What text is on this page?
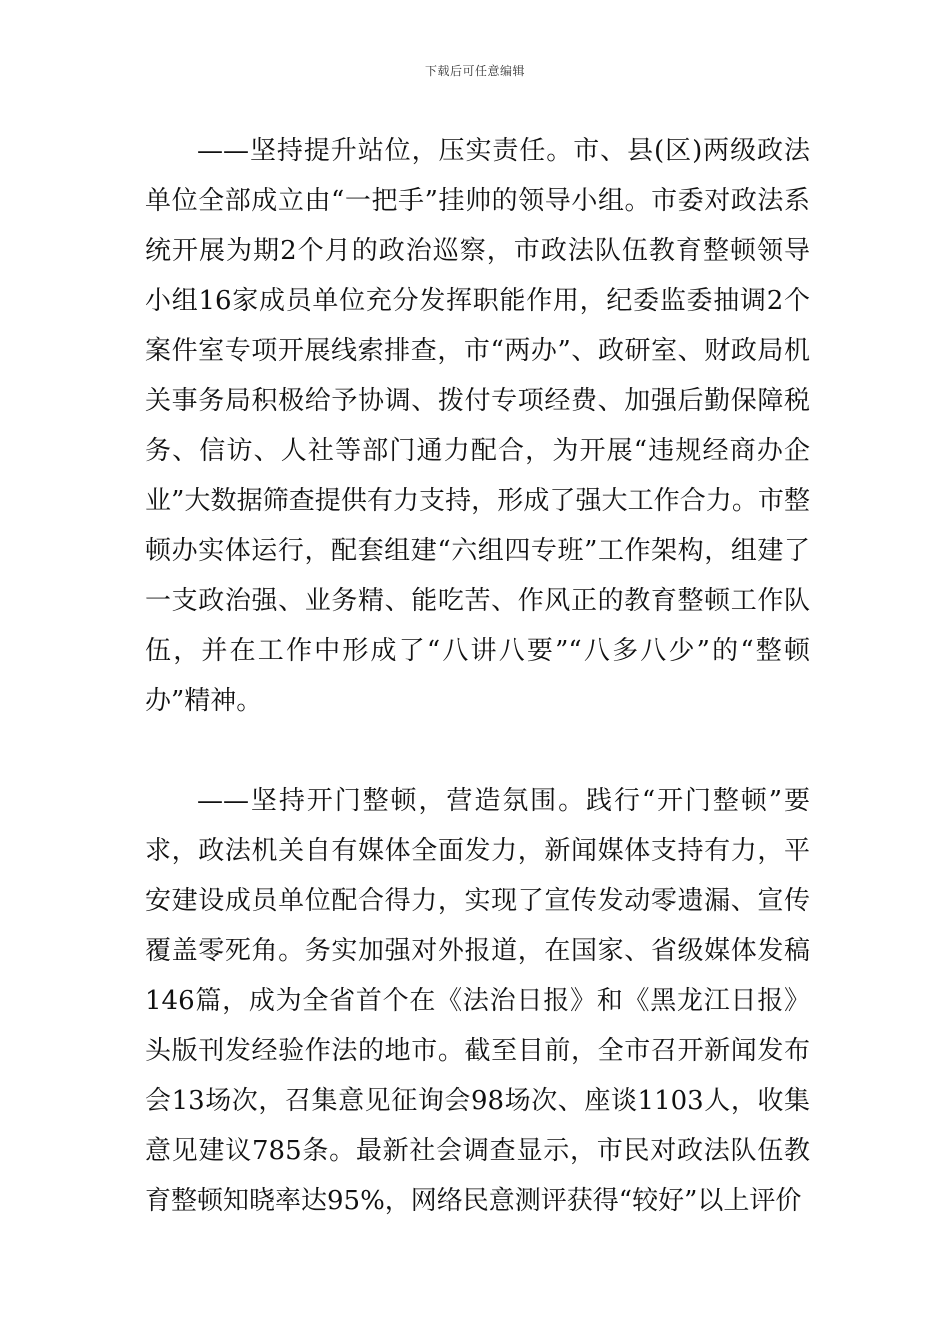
下载后可任意编辑

——坚持提升站位，压实责任。市、县(区)两级政法单位全部成立由“一把手”挂帅的领导小组。市委对政法系统开展为期2个月的政治巡察，市政法队伍教育整顿领导小组16家成员单位充分发挥职能作用，纪委监委抽调2个案件室专项开展线索排查，市“两办”、政研室、财政局机关事务局积极给予协调、拨付专项经费、加强后勤保障税务、信访、人社等部门通力配合，为开展“违规经商办企业”大数据筛查提供有力支持，形成了强大工作合力。市整顿办实体运行，配套组建“六组四专班”工作架构，组建了一支政治强、业务精、能吃苦、作风正的教育整顿工作队伍，并在工作中形成了“八讲八要”“八多八少”的“整顿办”精神。

——坚持开门整顿，营造氛围。践行“开门整顿”要求，政法机关自有媒体全面发力，新闻媒体支持有力，平安建设成员单位配合得力，实现了宣传发动零遗漏、宣传覆盖零死角。务实加强对外报道，在国家、省级媒体发稿146篇，成为全省首个在《法治日报》和《黑龙江日报》头版刊发经验作法的地市。截至目前，全市召开新闻发布会13场次，召集意见征询会98场次、座谈1103人，收集意见建议785条。最新社会调查显示，市民对政法队伍教育整顿知晓率达95%，网络民意测评获得“较好”以上评价
